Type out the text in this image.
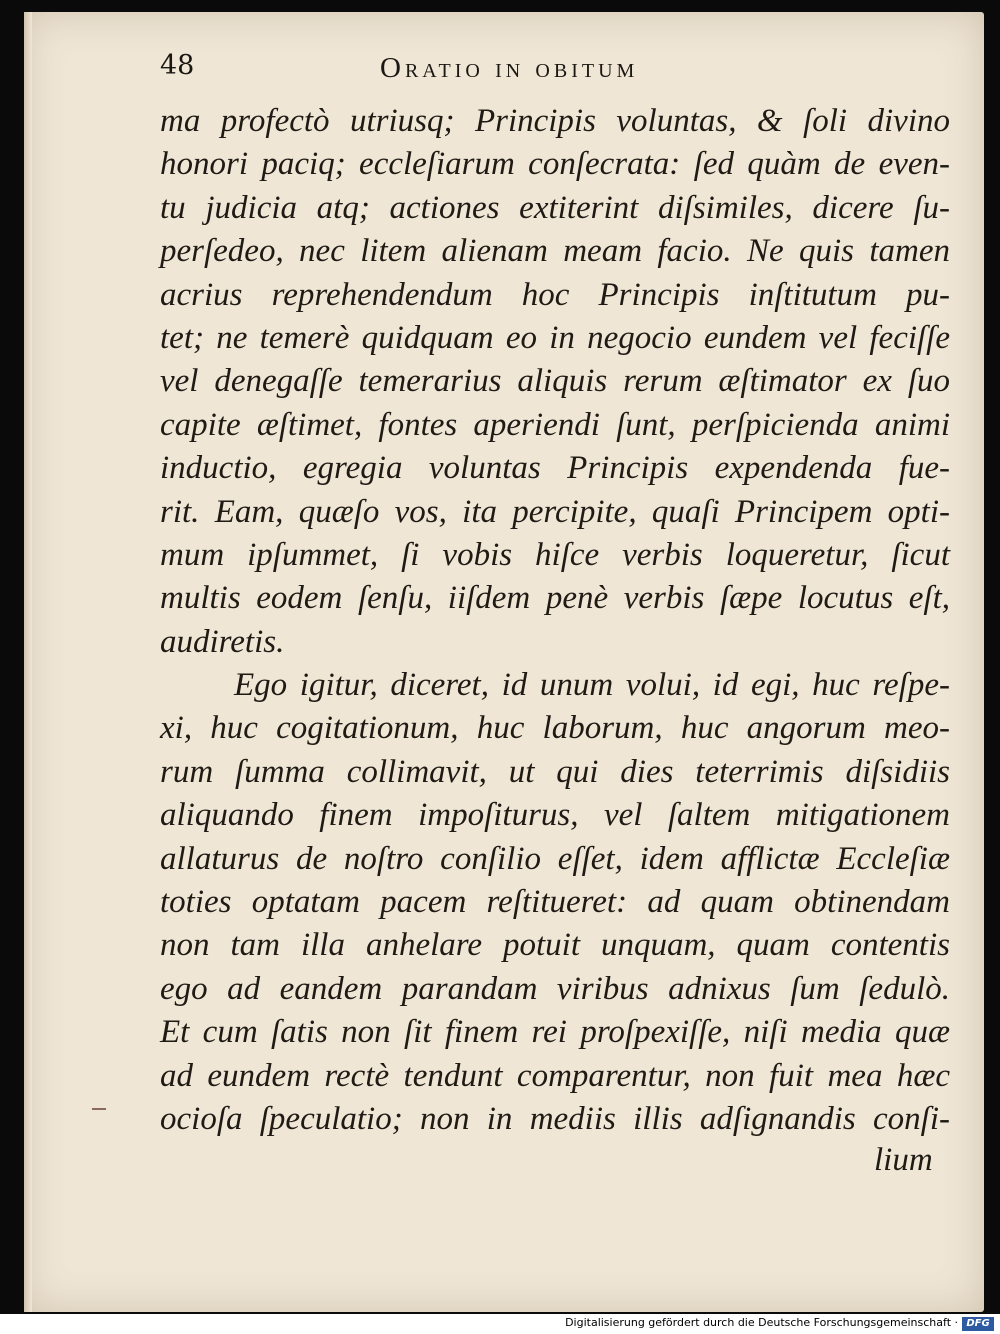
48	Oratio in obitum
ma profectò utriusq; Principis voluntas, & ſoli divino
honori paciq; eccleſiarum conſecrata: ſed quàm de even-
tu judicia atq; actiones extiterint diſsimiles, dicere ſu-
perſedeo, nec litem alienam meam facio. Ne quis tamen
acrius reprehendendum hoc Principis inſtitutum pu-
tet; ne temerè quidquam eo in negocio eundem vel feciſſe
vel denegaſſe temerarius aliquis rerum æſtimator ex ſuo
capite æſtimet, fontes aperiendi ſunt, perſpicienda animi
inductio, egregia voluntas Principis expendenda fue-
rit. Eam, quæſo vos, ita percipite, quaſi Principem opti-
mum ipſummet, ſi vobis hiſce verbis loqueretur, ſicut
multis eodem ſenſu, iiſdem penè verbis ſæpe locutus eſt,
audiretis.
Ego igitur, diceret, id unum volui, id egi, huc reſpe-
xi, huc cogitationum, huc laborum, huc angorum meo-
rum ſumma collimavit, ut qui dies teterrimis diſsidiis
aliquando finem impoſiturus, vel ſaltem mitigationem
allaturus de noſtro conſilio eſſet, idem afflictæ Eccleſiæ
toties optatam pacem reſtitueret: ad quam obtinendam
non tam illa anhelare potuit unquam, quam contentis
ego ad eandem parandam viribus adnixus ſum ſedulò.
Et cum ſatis non ſit finem rei proſpexiſſe, niſi media quæ
ad eundem rectè tendunt comparentur, non fuit mea hæc
ocioſa ſpeculatio; non in mediis illis adſignandis conſi-
lium
Digitalisierung gefördert durch die Deutsche Forschungsgemeinschaft · DFG
